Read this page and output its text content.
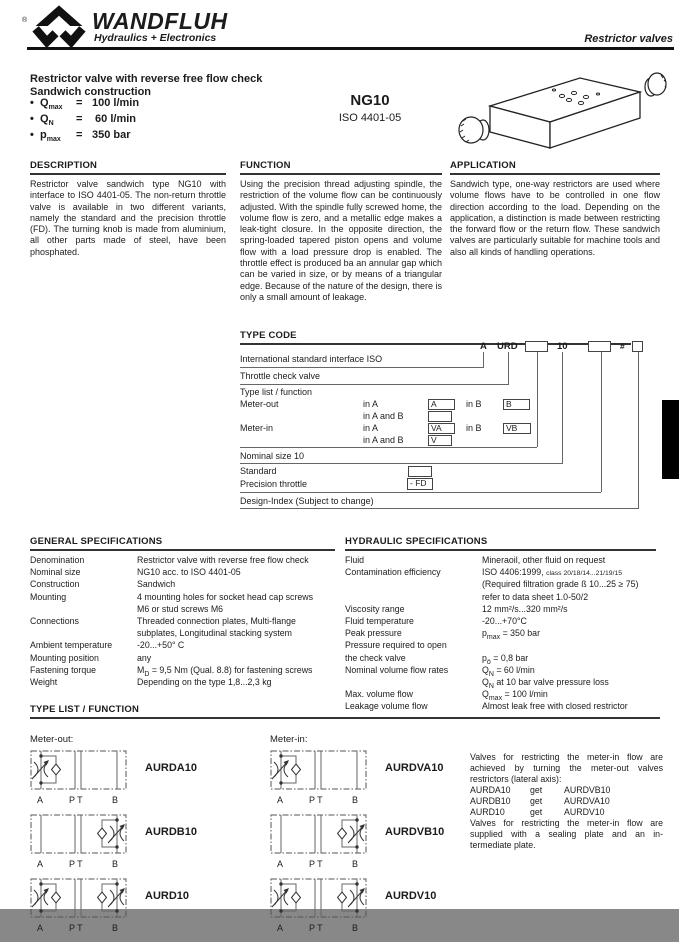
®	WANDFLUH
Hydraulics + Electronics	Restrictor valves
Restrictor valve with reverse free flow check
Sandwich construction
• $Q_{max}$	= 100 l/min
• $Q_N$	= 60 l/min
• $p_{max}$	= 350 bar
NG10
ISO 4401-05
DESCRIPTION
Restrictor valve sandwich type NG10 with interface to ISO 4401-05. The non-return throttle valve is available in two different variants, namely the standard and the precision throttle (FD). The turning knob is made from aluminium, all other parts made of steel, have been phosphated.
FUNCTION
Using the precision thread adjusting spindle, the restriction of the volume flow can be continuously adjusted. With the spindle fully screwed home, the volume flow is zero, and a metallic edge makes a leak-tight closure. In the opposite direction, the spring-loaded tapered piston opens and volume flow with a load pressure drop is enabled. The throttle effect is produced ba an annular gap which can be varied in size, or by means of a triangular edge. Because of the nature of the design, there is only a small amount of leakage.
APPLICATION
Sandwich type, one-way restrictors are used where volume flows have to be controlled in one flow direction according to the load. Depending on the application, a distinction is made between restricting the forward flow or the return flow. These sandwich valves are particularly suitable for machine tools and also all kinds of handling operations.
TYPE CODE
A URD	10	#
International standard interface ISO
Throttle check valve
Type list / function
Meter-out	in A	A	in B	B
in A and B
Meter-in	in A	VA	in B	VB
in A and B	V
Nominal size 10
Standard
Precision throttle	- FD
Design-Index (Subject to change)
GENERAL SPECIFICATIONS
Denomination	Restrictor valve with reverse free flow check
Nominal size	NG10 acc. to ISO 4401-05
Construction	Sandwich
Mounting	4 mounting holes for socket head cap screws
M6 or stud screws M6
Connections	Threaded connection plates, Multi-flange
subplates, Longitudinal stacking system
Ambient temperature	-20...+50° C
Mounting position	any
Fastening torque	$M_D = 9,5$ Nm (Qual. 8.8) for fastening screws
Weight	Depending on the type 1,8...2,3 kg
HYDRAULIC SPECIFICATIONS
Fluid	Mineraoil, other fluid on request
Contamination efficiency	ISO 4406:1999, class 20/18/14...21/19/15
(Required filtration grade ß 10...25 ≥ 75)
refer to data sheet 1.0-50/2
Viscosity range	12 mm²/s...320 mm²/s
Fluid temperature	-20...+70°C
Peak pressure	$p_{max} = 350$ bar
Pressure required to open
the check valve	$p_ö = 0,8$ bar
Nominal volume flow rates	$Q_N = 60$ l/min
$Q_N$ at 10 bar valve pressure loss
Max. volume flow	$Q_{max} = 100$ l/min
Leakage volume flow	Almost leak free with closed restrictor
TYPE LIST / FUNCTION
Meter-out:	Meter-in:
A	P T	B
AURDA10
A	P T	B
AURDB10
A	P T	B
AURD10
A	P T	B
AURDVA10
A	P T	B
AURDVB10
A	P T	B
AURDV10
Valves for restricting the meter-in flow are achieved by turning the meter-out valves restrictors (lateral axis):
AURDA10	get	AURDVB10
AURDB10	get	AURDVA10
AURD10	get	AURDV10
Valves for restricting the meter-in flow are supplied with a sealing plate and an in-termediate plate.
